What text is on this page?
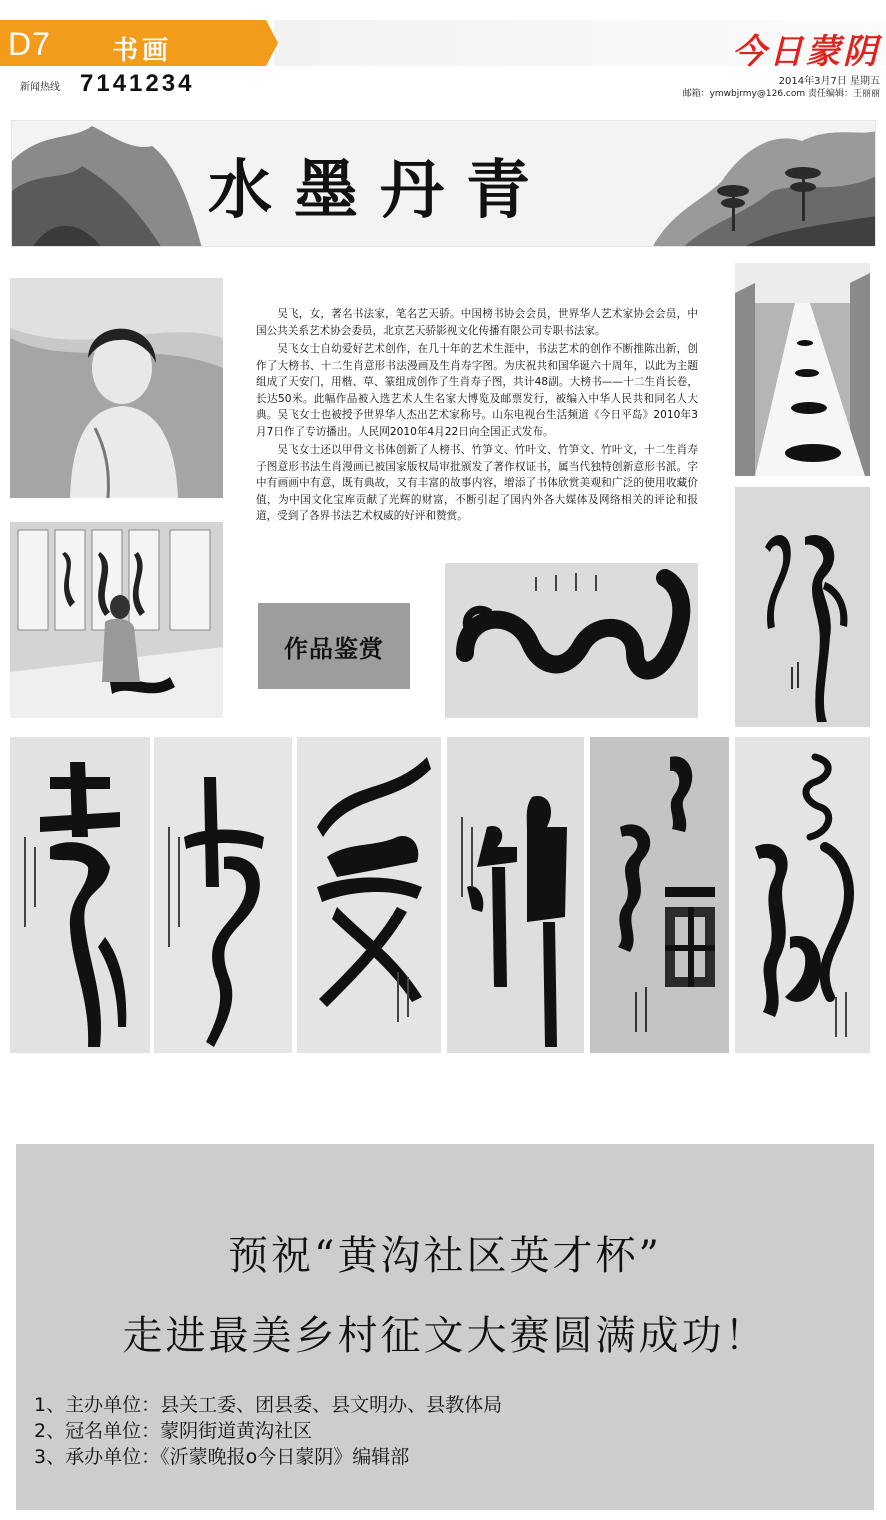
D7 书画	今日蒙阴
新闻热线 7141234	2014年3月7日 星期五
邮箱：ymwbjrmy@126.com 责任编辑：王丽丽
水墨丹青

吴飞，女，著名书法家，笔名艺天骄。中国榜书协会会员，世界华人艺术家协会会员，中国公共关系艺术协会委员，北京艺天骄影视文化传播有限公司专职书法家。

吴飞女士自幼爱好艺术创作，在几十年的艺术生涯中，书法艺术的创作不断推陈出新，创作了大榜书、十二生肖意形书法漫画及生肖寿字图。为庆祝共和国华诞六十周年，以此为主题组成了天安门，用楷、草、篆组成创作了生肖寿子图，共计48副。大榜书——十二生肖长卷，长达50米。此幅作品被入选艺术人生名家大博览及邮票发行，被编入中华人民共和同名人大典。吴飞女士也被授予世界华人杰出艺术家称号。山东电视台生活频道《今日平岛》2010年3月7日作了专访播出。人民网2010年4月22日向全国正式发布。

吴飞女士还以甲骨文书体创新了人榜书、竹笋文、竹叶文、竹笋文、竹叶文，十二生肖寿子图意形书法生肖漫画已被国家版权局审批颁发了著作权证书，属当代独特创新意形书派。字中有画画中有意，既有典故，又有丰富的故事内容，增添了书体欣赏美观和广泛的使用收藏价值，为中国文化宝库贡献了光辉的财富，不断引起了国内外各大媒体及网络相关的评论和报道，受到了各界书法艺术权威的好评和赞赏。

作品鉴赏
预祝“黄沟社区英才杯”
走进最美乡村征文大赛圆满成功！
1、主办单位：县关工委、团县委、县文明办、县教体局
2、冠名单位：蒙阴街道黄沟社区
3、承办单位：《沂蒙晚报o今日蒙阴》编辑部
